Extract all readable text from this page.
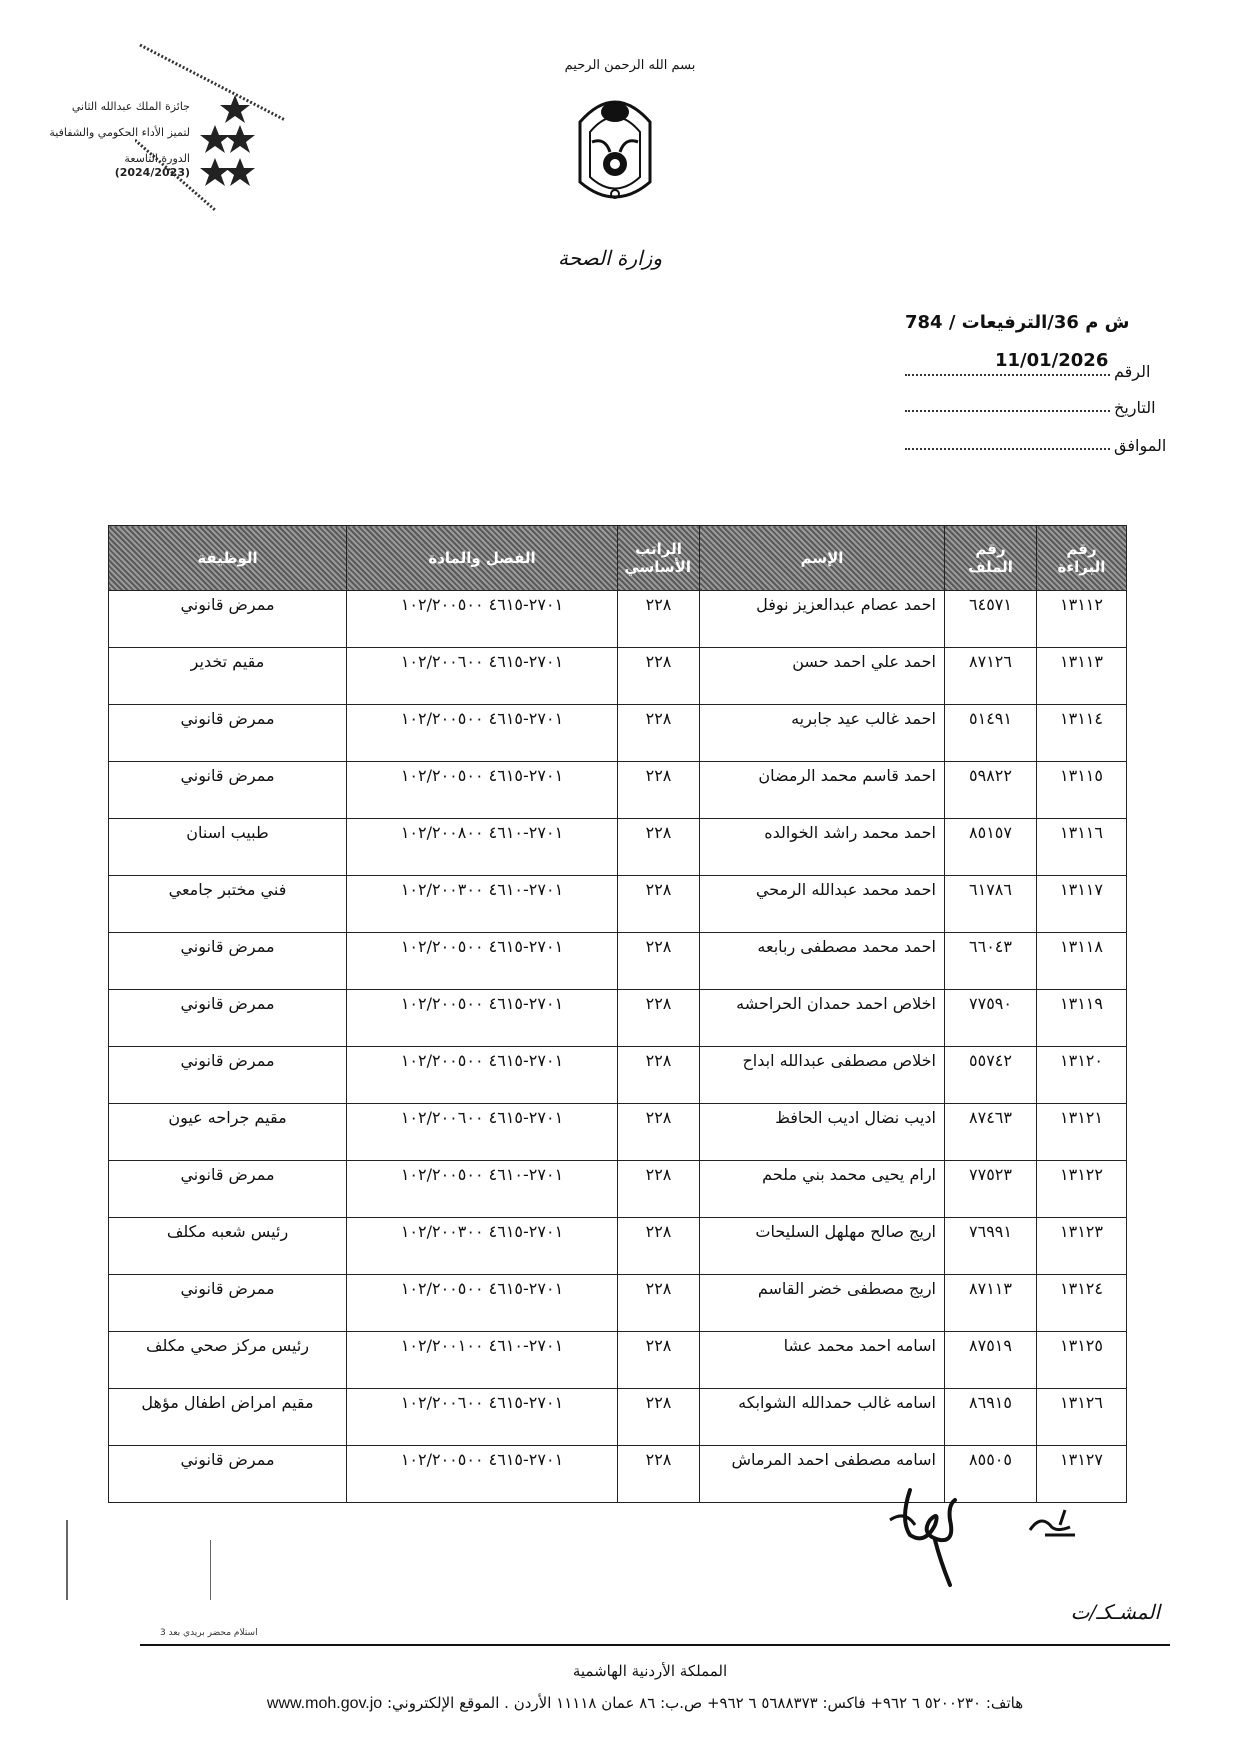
جائزة الملك عبدالله الثاني
لتميز الأداء الحكومي والشفافية
الدورة التاسعة
(2024/2023)
بسم الله الرحمن الرحيم
وزارة الصحة
ش م 36/الترفيعات / 784
11/01/2026
الرقم
التاريخ
الموافق
رقم البراءة	رقم الملف	الإسم	الراتب الأساسي	الفصل والمادة	الوظيفة
١٣١١٢	٦٤٥٧١	احمد عصام عبدالعزيز نوفل	٢٢٨	٢٧٠١-٤٦١٥ ١٠٢/٢٠٠٥٠٠	ممرض قانوني
١٣١١٣	٨٧١٢٦	احمد علي احمد حسن	٢٢٨	٢٧٠١-٤٦١٥ ١٠٢/٢٠٠٦٠٠	مقيم تخدير
١٣١١٤	٥١٤٩١	احمد غالب عيد جابريه	٢٢٨	٢٧٠١-٤٦١٥ ١٠٢/٢٠٠٥٠٠	ممرض قانوني
١٣١١٥	٥٩٨٢٢	احمد قاسم محمد الرمضان	٢٢٨	٢٧٠١-٤٦١٥ ١٠٢/٢٠٠٥٠٠	ممرض قانوني
١٣١١٦	٨٥١٥٧	احمد محمد راشد الخوالده	٢٢٨	٢٧٠١-٤٦١٠ ١٠٢/٢٠٠٨٠٠	طبيب اسنان
١٣١١٧	٦١٧٨٦	احمد محمد عبدالله الرمحي	٢٢٨	٢٧٠١-٤٦١٠ ١٠٢/٢٠٠٣٠٠	فني مختبر جامعي
١٣١١٨	٦٦٠٤٣	احمد محمد مصطفى ربابعه	٢٢٨	٢٧٠١-٤٦١٥ ١٠٢/٢٠٠٥٠٠	ممرض قانوني
١٣١١٩	٧٧٥٩٠	اخلاص احمد حمدان الحراحشه	٢٢٨	٢٧٠١-٤٦١٥ ١٠٢/٢٠٠٥٠٠	ممرض قانوني
١٣١٢٠	٥٥٧٤٢	اخلاص مصطفى عبدالله ابداح	٢٢٨	٢٧٠١-٤٦١٥ ١٠٢/٢٠٠٥٠٠	ممرض قانوني
١٣١٢١	٨٧٤٦٣	اديب نضال اديب الحافظ	٢٢٨	٢٧٠١-٤٦١٥ ١٠٢/٢٠٠٦٠٠	مقيم جراحه عيون
١٣١٢٢	٧٧٥٢٣	ارام يحيى محمد بني ملحم	٢٢٨	٢٧٠١-٤٦١٠ ١٠٢/٢٠٠٥٠٠	ممرض قانوني
١٣١٢٣	٧٦٩٩١	اريج صالح مهلهل السليحات	٢٢٨	٢٧٠١-٤٦١٥ ١٠٢/٢٠٠٣٠٠	رئيس شعبه مكلف
١٣١٢٤	٨٧١١٣	اريج مصطفى خضر القاسم	٢٢٨	٢٧٠١-٤٦١٥ ١٠٢/٢٠٠٥٠٠	ممرض قانوني
١٣١٢٥	٨٧٥١٩	اسامه احمد محمد عشا	٢٢٨	٢٧٠١-٤٦١٠ ١٠٢/٢٠٠١٠٠	رئيس مركز صحي مكلف
١٣١٢٦	٨٦٩١٥	اسامه غالب حمدالله الشوابكه	٢٢٨	٢٧٠١-٤٦١٥ ١٠٢/٢٠٠٦٠٠	مقيم امراض اطفال مؤهل
١٣١٢٧	٨٥٥٠٥	اسامه مصطفى احمد المرماش	٢٢٨	٢٧٠١-٤٦١٥ ١٠٢/٢٠٠٥٠٠	ممرض قانوني
المشـكـ/ت
استلام محضر بريدي بعد 3
المملكة الأردنية الهاشمية
هاتف: ٥٢٠٠٢٣٠ ٦ ٩٦٢+ فاكس: ٥٦٨٨٣٧٣ ٦ ٩٦٢+ ص.ب: ٨٦ عمان ١١١١٨ الأردن . الموقع الإلكتروني: www.moh.gov.jo
